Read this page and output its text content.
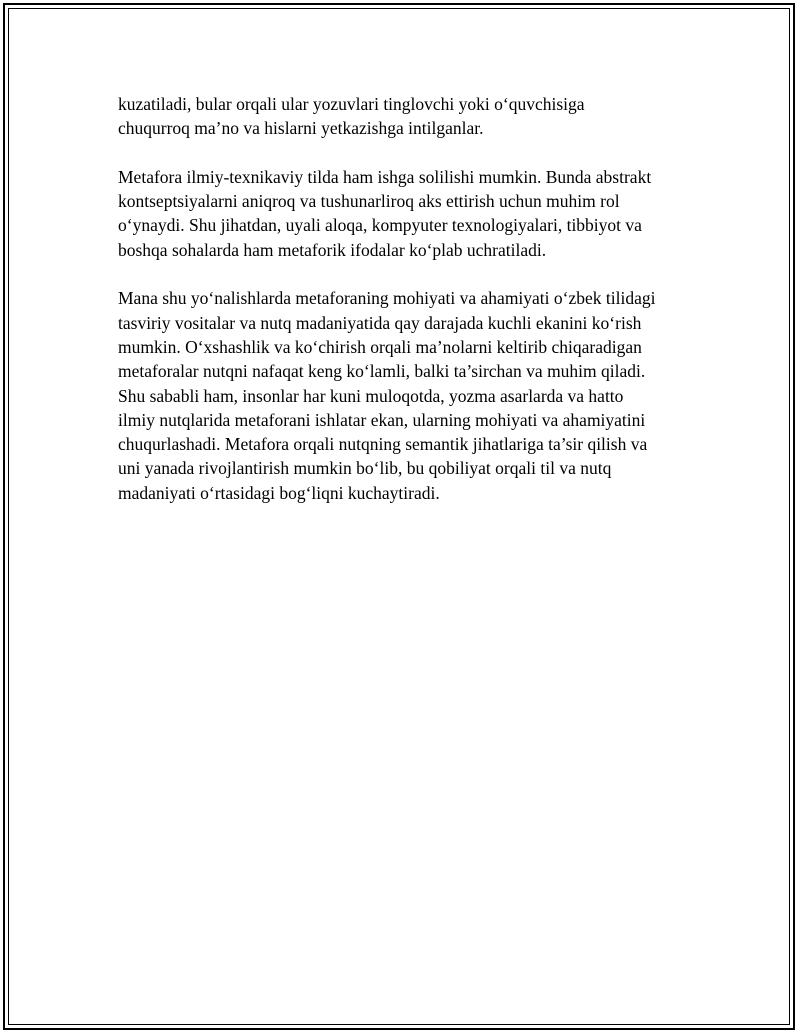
kuzatiladi, bular orqali ular yozuvlari tinglovchi yoki o‘quvchisiga
chuqurroq ma’no va hislarni yetkazishga intilganlar.

Metafora ilmiy-texnikaviy tilda ham ishga solilishi mumkin. Bunda abstrakt
kontseptsiyalarni aniqroq va tushunarliroq aks ettirish uchun muhim rol
o‘ynaydi. Shu jihatdan, uyali aloqa, kompyuter texnologiyalari, tibbiyot va
boshqa sohalarda ham metaforik ifodalar ko‘plab uchratiladi.

Mana shu yo‘nalishlarda metaforaning mohiyati va ahamiyati o‘zbek tilidagi
tasviriy vositalar va nutq madaniyatida qay darajada kuchli ekanini ko‘rish
mumkin. O‘xshashlik va ko‘chirish orqali ma’nolarni keltirib chiqaradigan
metaforalar nutqni nafaqat keng ko‘lamli, balki ta’sirchan va muhim qiladi.
Shu sababli ham, insonlar har kuni muloqotda, yozma asarlarda va hatto
ilmiy nutqlarida metaforani ishlatar ekan, ularning mohiyati va ahamiyatini
chuqurlashadi. Metafora orqali nutqning semantik jihatlariga ta’sir qilish va
uni yanada rivojlantirish mumkin bo‘lib, bu qobiliyat orqali til va nutq
madaniyati o‘rtasidagi bog‘liqni kuchaytiradi.
